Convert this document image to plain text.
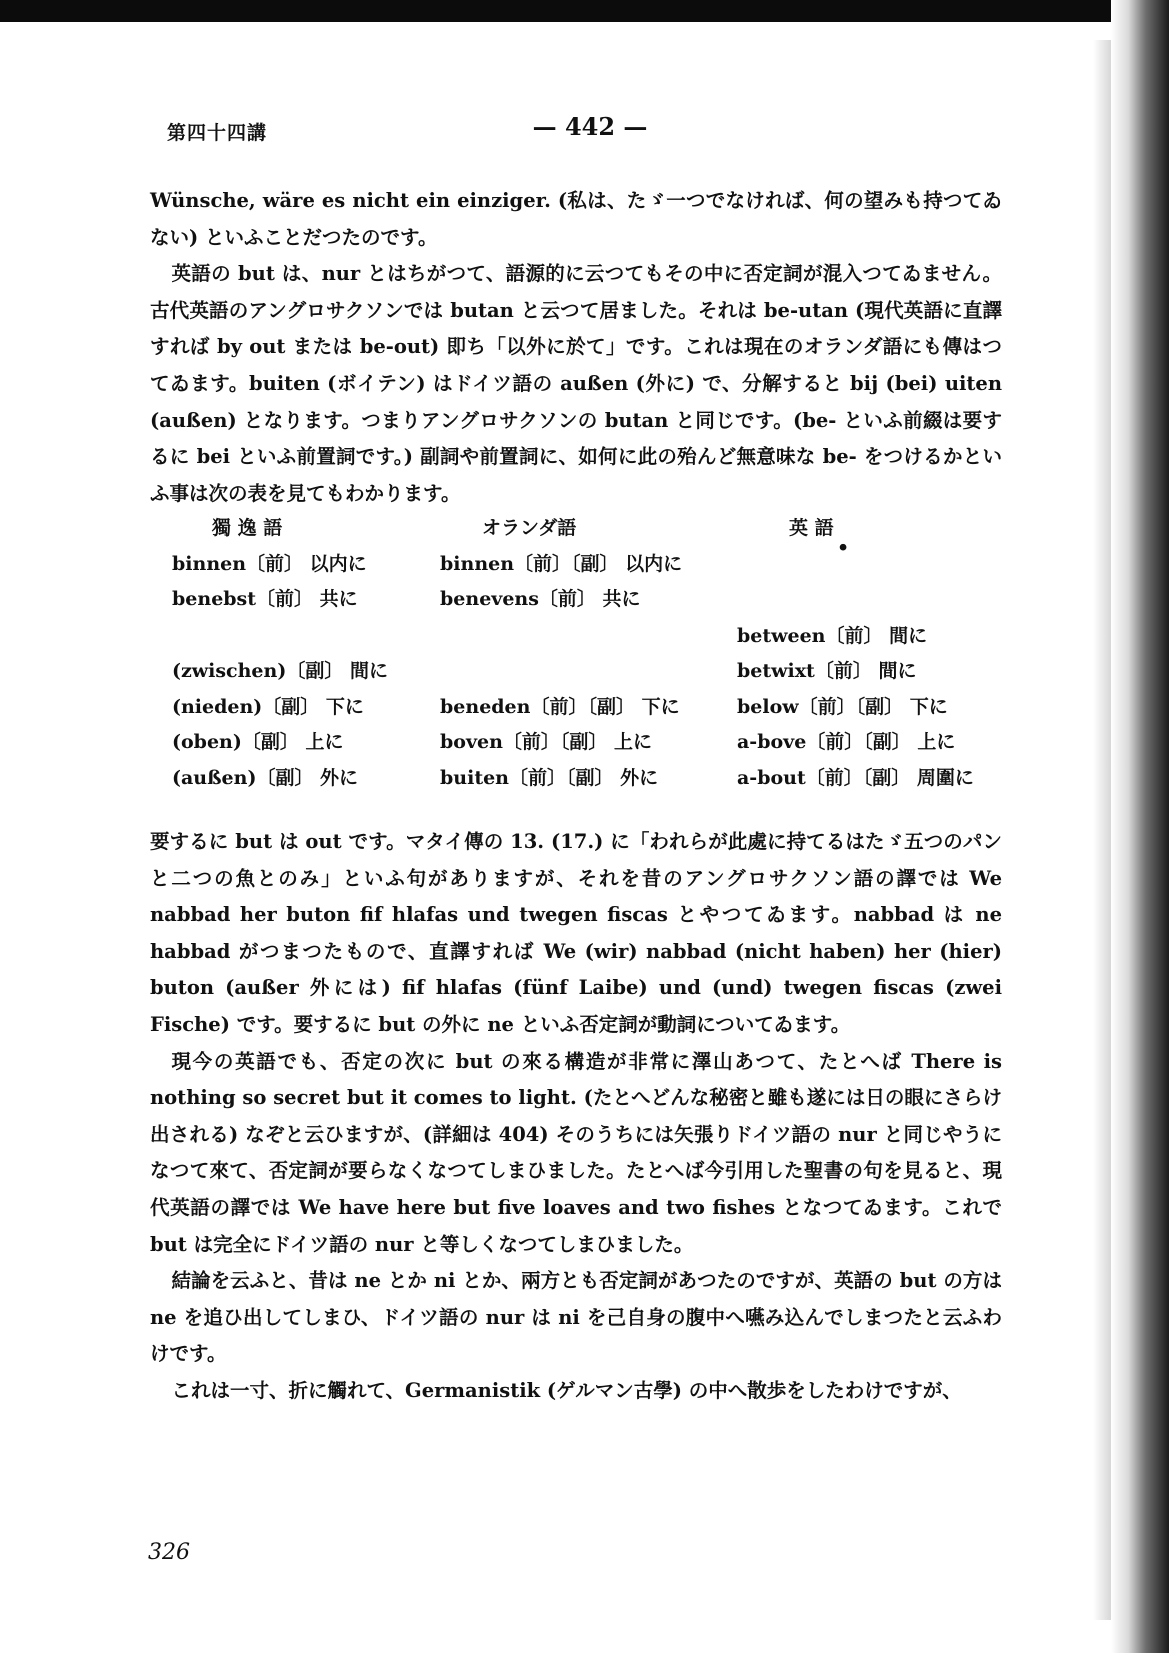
第四十四講	— 442 —

Wünsche, wäre es nicht ein einziger. (私は、たゞ一つでなければ、何の望みも持つてゐない) といふことだつたのです。

英語の but は、nur とはちがつて、語源的に云つてもその中に否定詞が混入つてゐません。古代英語のアングロサクソンでは butan と云つて居ました。それは be-utan (現代英語に直譯すれば by out または be-out) 即ち「以外に於て」です。これは現在のオランダ語にも傳はつてゐます。buiten (ボイテン) はドイツ語の außen (外に) で、分解すると bij (bei) uiten (außen) となります。つまりアングロサクソンの butan と同じです。(be- といふ前綴は要するに bei といふ前置詞です。) 副詞や前置詞に、如何に此の殆んど無意味な be- をつけるかといふ事は次の表を見てもわかります。

獨 逸 語
binnen〔前〕 以内に
benebst〔前〕 共に
(zwischen)〔副〕 間に
(nieden)〔副〕 下に
(oben)〔副〕 上に
(außen)〔副〕 外に
オランダ語
binnen〔前〕〔副〕 以内に
benevens〔前〕 共に
beneden〔前〕〔副〕 下に
boven〔前〕〔副〕 上に
buiten〔前〕〔副〕 外に
英 語
•
between〔前〕 間に
betwixt〔前〕 間に
below〔前〕〔副〕 下に
a-bove〔前〕〔副〕 上に
a-bout〔前〕〔副〕 周圍に

要するに but は out です。マタイ傳の 13. (17.) に「われらが此處に持てるはたゞ五つのパンと二つの魚とのみ」といふ句がありますが、それを昔のアングロサクソン語の譯では We nabbad her buton fif hlafas und twegen fiscas とやつてゐます。nabbad は ne habbad がつまつたもので、直譯すれば We (wir) nabbad (nicht haben) her (hier) buton (außer 外には) fif hlafas (fünf Laibe) und (und) twegen fiscas (zwei Fische) です。要するに but の外に ne といふ否定詞が動詞についてゐます。

現今の英語でも、否定の次に but の來る構造が非常に澤山あつて、たとへば There is nothing so secret but it comes to light. (たとへどんな秘密と雖も遂には日の眼にさらけ出される) なぞと云ひますが、(詳細は 404) そのうちには矢張りドイツ語の nur と同じやうになつて來て、否定詞が要らなくなつてしまひました。たとへば今引用した聖書の句を見ると、現代英語の譯では We have here but five loaves and two fishes となつてゐます。これで but は完全にドイツ語の nur と等しくなつてしまひました。

結論を云ふと、昔は ne とか ni とか、兩方とも否定詞があつたのですが、英語の but の方は ne を追ひ出してしまひ、ドイツ語の nur は ni を己自身の腹中へ嚥み込んでしまつたと云ふわけです。

これは一寸、折に觸れて、Germanistik (ゲルマン古學) の中へ散歩をしたわけですが、

326
